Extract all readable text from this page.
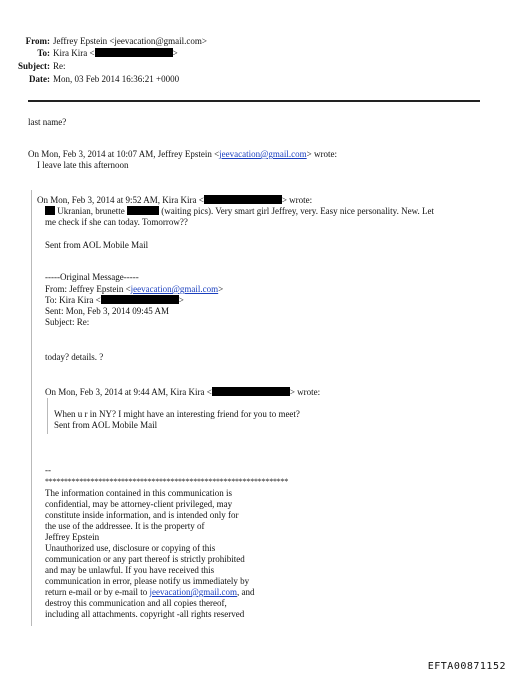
From: Jeffrey Epstein <jeevacation@gmail.com>
To: Kira Kira <	>
Subject: Re:
Date: Mon, 03 Feb 2014 16:36:21 +0000
last name?
On Mon, Feb 3, 2014 at 10:07 AM, Jeffrey Epstein <jeevacation@gmail.com> wrote:
I leave late this afternoon
On Mon, Feb 3, 2014 at 9:52 AM, Kira Kira <	> wrote:
Ukranian, brunette	(waiting pics). Very smart girl Jeffrey, very. Easy nice personality. New. Let
me check if she can today. Tomorrow??
Sent from AOL Mobile Mail
-----Original Message-----
From: Jeffrey Epstein <jeevacation@gmail.com>
To: Kira Kira <	>
Sent: Mon, Feb 3, 2014 09:45 AM
Subject: Re:
today? details. ?
On Mon, Feb 3, 2014 at 9:44 AM, Kira Kira <	> wrote:
When u r in NY? I might have an interesting friend for you to meet?
Sent from AOL Mobile Mail
--
****************************************************************
The information contained in this communication is
confidential, may be attorney-client privileged, may
constitute inside information, and is intended only for
the use of the addressee. It is the property of
Jeffrey Epstein
Unauthorized use, disclosure or copying of this
communication or any part thereof is strictly prohibited
and may be unlawful. If you have received this
communication in error, please notify us immediately by
return e-mail or by e-mail to jeevacation@gmail.com, and
destroy this communication and all copies thereof,
including all attachments. copyright -all rights reserved
EFTA00871152
